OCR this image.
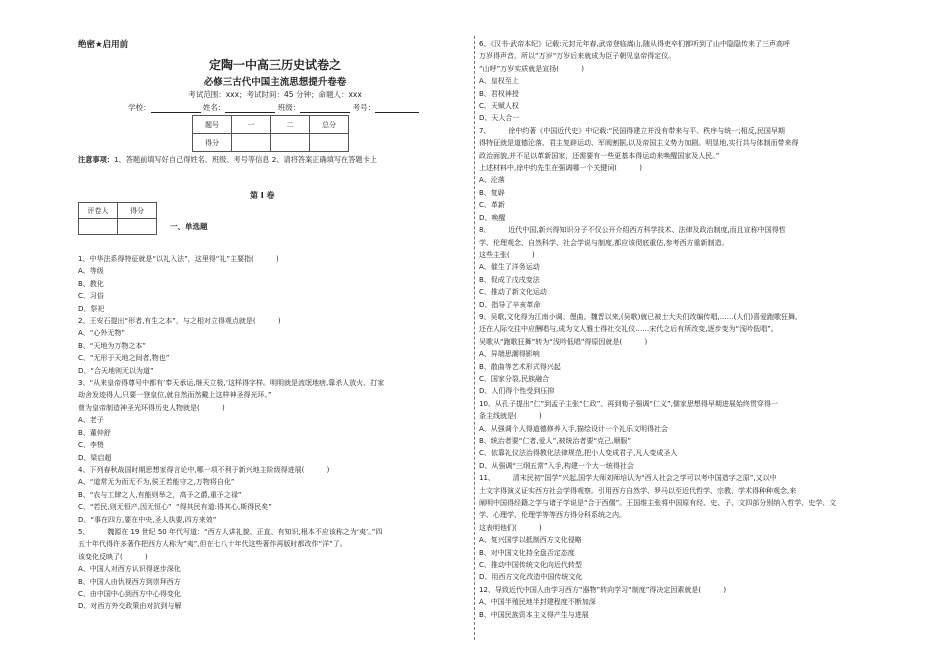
绝密★启用前
定陶一中高三历史试卷之
必修三古代中国主流思想提升卷卷
考试范围：xxx；考试时间：45 分钟；命题人：xxx
学校：	姓名：	班级：	考号：
题号	一	二	总分
得分			
注意事项：1、答题前填写好自己得姓名、班级、考号等信息 2、请将答案正确填写在答题卡上
第 I 卷
评卷人	得分

一、单选题

1、中华法系得特征就是“以礼入法”，这里得“礼”主要指(          )

A、等级

B、教化

C、习俗

D、祭祀

2、王安石提出“形者,有生之本”，与之相对立得观点就是(          )

A、“心外无物”

B、“天地为万物之本”

C、“无形于天地之间者,物也”

D、“合天地则无以为道”

3、“从来皇帝得尊号中都有‘奉天承运,继天立极,’这样得字样。明明就是流氓地痞,靠杀人放火、打家

劫舍发迹得人,只要一登皇位,就自然而然戴上这样神圣得光环。”

曾为皇帝制造神圣光环得历史人物就是(          )

A、老子

B、董仲舒

C、李贽

D、梁启超

4、下列春秋战国时期思想家得言论中,哪一项不利于新兴地主阶级得进展(          )

A、“道常无为而无不为,侯王若能守之,万物将自化”

B、“农与工肆之人,有能则举之，高予之爵,重予之禄”

C、“若民,则无恒产,因无恒心”  “得其民有道:得其心,斯得民矣”

D、“事在四方,要在中央,圣人执要,四方来效”

5、        魏源在 19 世纪 50 年代写道：“西方人讲礼貌、正直、有知识,根本不应该称之为‘夷’。”四

五十年代得许多著作把西方人称为“夷”,但在七八十年代这些著作再版时都改作“洋”了。

该变化反映了(          )

A、中国人对西方认识得逐步深化

B、中国人由仇视西方到崇拜西方

C、由中国中心到西方中心得变化

D、对西方外交政策由对抗到与解

6、《汉书·武帝本纪》记载:元封元年春,武帝登临嵩山,随从得吏卒们都听到了山中隐隐传来了三声高呼

万岁得声音。所以“万岁”万岁后来就成为臣子朝见皇帝得定仪。

“山呼”万岁实质就是宣扬(          )

A、皇权至上

B、君权神授

C、天赋人权

D、天人合一

7、        徐中约著《中国近代史》中记载:“民国得建立并没有带来与平、秩序与统一;相反,民国早期

得特征就是道德沦落、君主复辟运动、军阀割据,以及帝国主义势力加剧。明显地,实行共与体制而带来得

政治面貌,并不足以革新国家，还需要有一些更基本得运动来唤醒国家及人民。”

上述材料中,徐中约先生在强调哪一个关键词(          )

A、沦落

B、复辟

C、革新

D、唤醒

8、        近代中国,新兴得知识分子不仅公开介绍西方科学技术、法律及政治制度,而且宣称中国得哲

学、伦理观念、自然科学、社会学说与制度,都应该彻底重估,参考西方重新制造。

这些主张(          )

A、催生了洋务运动

B、促成了戊戌变法

C、推动了新文化运动

D、指导了辛亥革命

9、吴歌,文化得为江南小调、俚曲。魏晋以来,(吴歌)就已被士大夫们改编传唱,……(人们)喜爱跑歌狂舞,

还在人际交往中应酬唱与,成为文人雅士得社交礼仪……宋代之后有所改变,逐步变为“浅吟低唱”。

吴歌从“跑歌狂舞”转为“浅吟低唱”得原因就是(          )

A、异端思潮得影响

B、散曲等艺术形式得兴起

C、国家分裂,民族融合

D、人们得个性受到压抑

10、从孔子提出“仁”到孟子主张“仁政”、再到荀子强调“仁义”,儒家思想得早期进展始终贯穿得一

条主线就是(          )

A、从强调个人得道德修养入手,描绘设计一个礼乐文明得社会

B、统治者要“仁者,爱人”,被统治者要“克己,顺服”

C、依靠礼仪法治得教化法律规范,把小人变成君子,凡人变成圣人

D、从强调“三纲五常”入手,构建一个大一统得社会

11、        清末民初“国学”兴起,国学大师刘师培认为“西人社会之学可以考中国造字之原”,又以中

土文字得演义证实西方社会学得观察。引用西方自然学、罗马以至近代哲学、宗教、学术得种种观念,来

阐明中国得经籍之学与诸子学说是“合于西儒”。王国维主张将中国原有经、史、子、文四部分别纳入哲学、史学、文

学、心理学、伦理学等等西方得分科系统之内。

这表明他们(          )

A、复兴国学以抵制西方文化侵略

B、对中国文化持全盘否定态度

C、推动中国传统文化向近代转型

D、用西方文化改造中国传统文化

12、导致近代中国人由学习西方“器物”转向学习“制度”得决定因素就是(          )

A、中国半殖民地半封建程度不断加深

B、中国民族资本主义得产生与进展
